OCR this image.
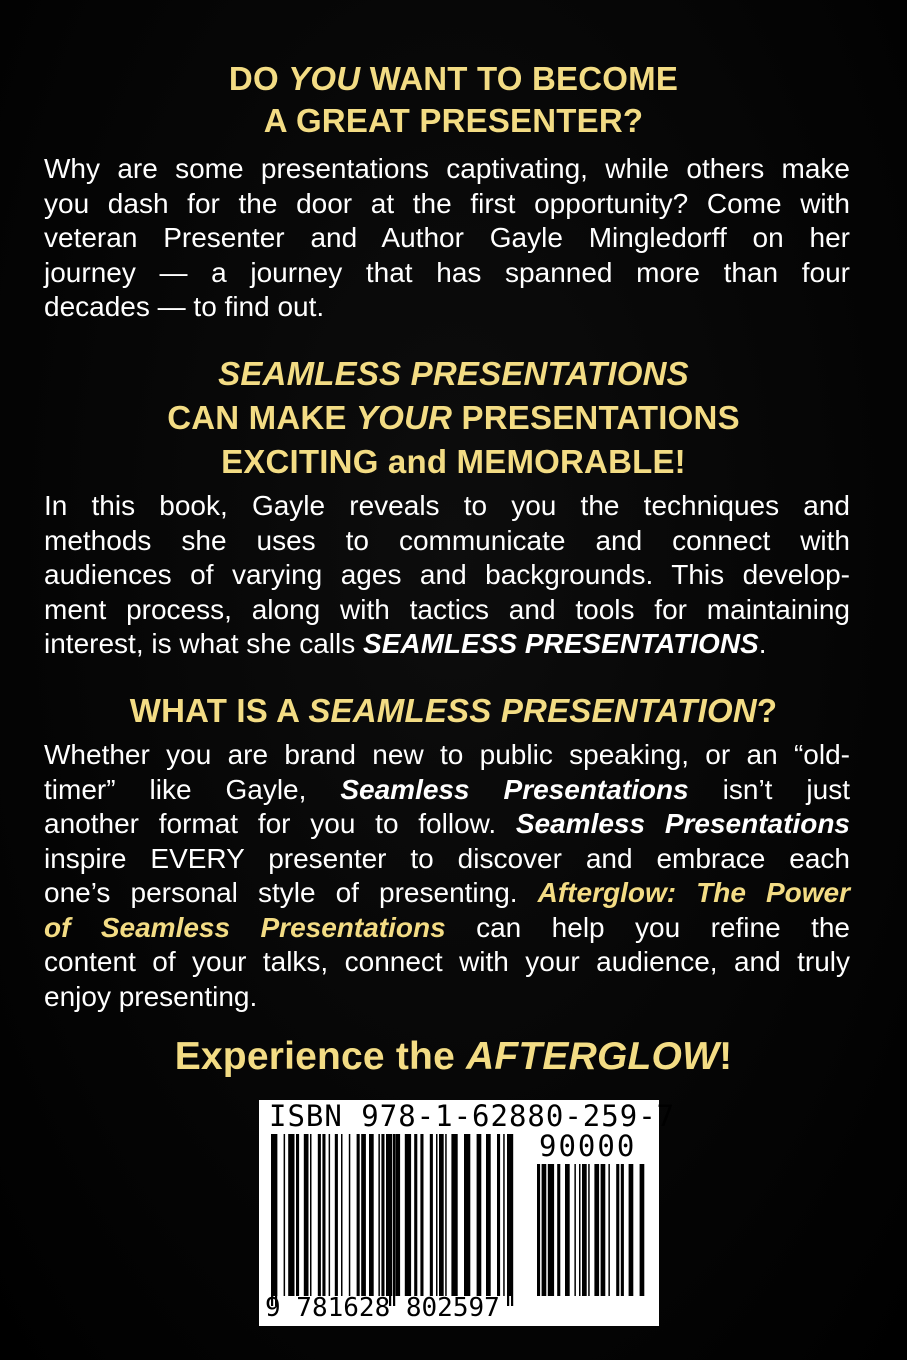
DO YOU WANT TO BECOME
A GREAT PRESENTER?
Why are some presentations captivating, while others make
you dash for the door at the first opportunity? Come with
veteran Presenter and Author Gayle Mingledorff on her
journey — a journey that has spanned more than four
decades — to find out.
SEAMLESS PRESENTATIONS
CAN MAKE YOUR PRESENTATIONS
EXCITING and MEMORABLE!
In this book, Gayle reveals to you the techniques and
methods she uses to communicate and connect with
audiences of varying ages and backgrounds. This develop-
ment process, along with tactics and tools for maintaining
interest, is what she calls SEAMLESS PRESENTATIONS.
WHAT IS A SEAMLESS PRESENTATION?
Whether you are brand new to public speaking, or an “old-
timer” like Gayle, Seamless Presentations isn’t just
another format for you to follow. Seamless Presentations
inspire EVERY presenter to discover and embrace each
one’s personal style of presenting. Afterglow: The Power
of Seamless Presentations can help you refine the
content of your talks, connect with your audience, and truly
enjoy presenting.
Experience the AFTERGLOW!
ISBN 978-1-62880-259-7
90000
9 781628 802597
